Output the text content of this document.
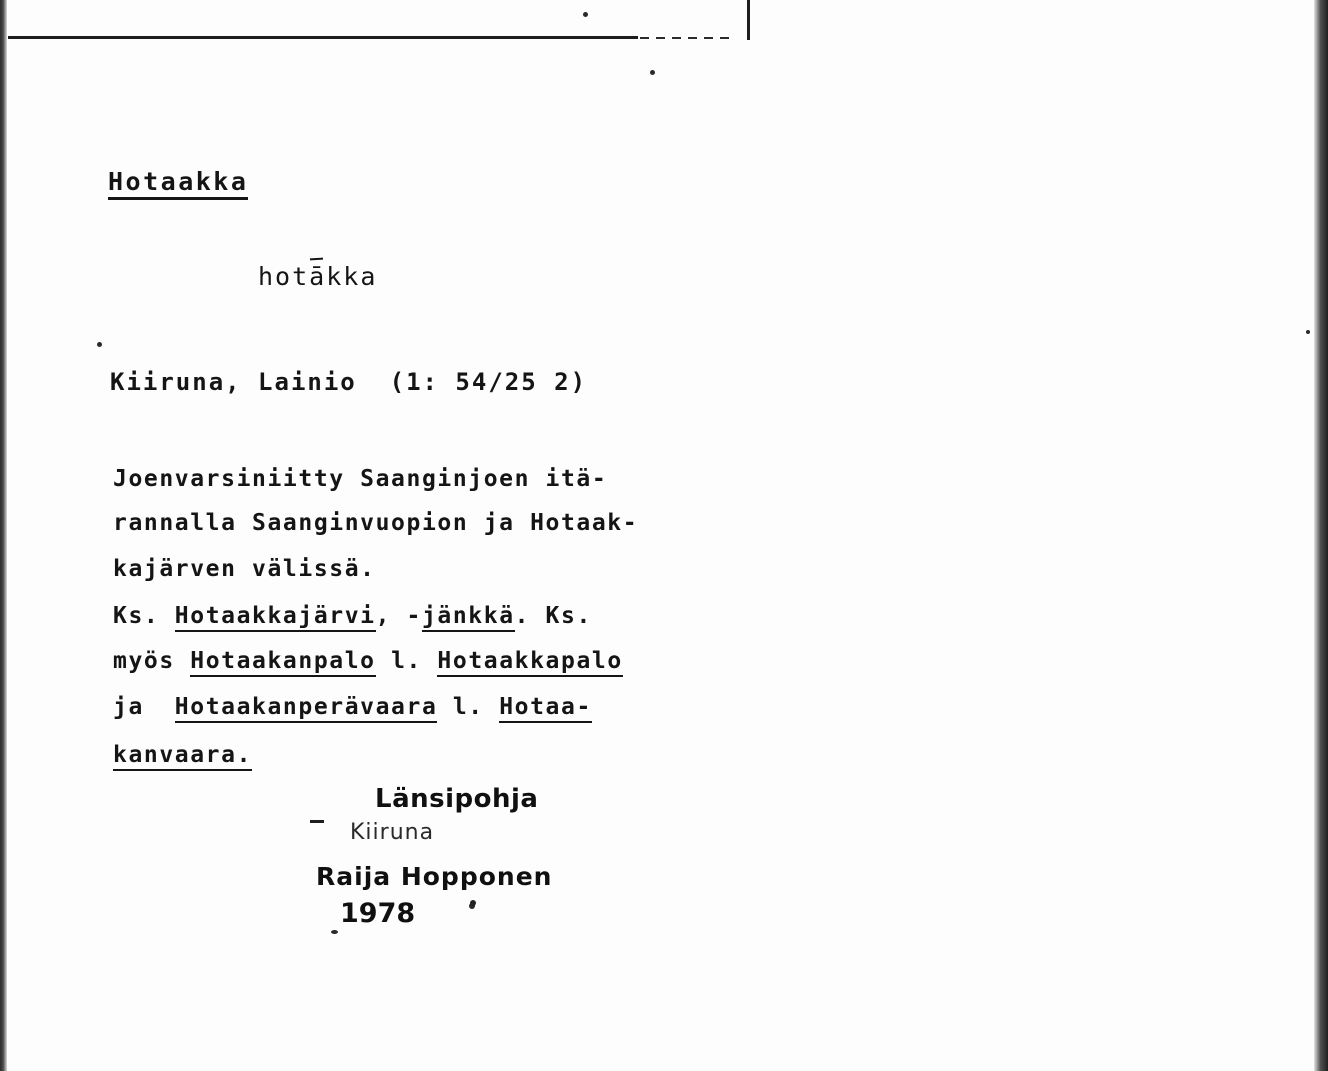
Hotaakka
hotākka
Kiiruna, Lainio  (1: 54/25 2)
Joenvarsiniitty Saanginjoen itä-
rannalla Saanginvuopion ja Hotaak-
kajärven välissä.
Ks. Hotaakkajärvi, -jänkkä. Ks.
myös Hotaakanpalo l. Hotaakkapalo
ja  Hotaakanperävaara l. Hotaa-
kanvaara.
Länsipohja
Kiiruna
Raija Hopponen
1978
